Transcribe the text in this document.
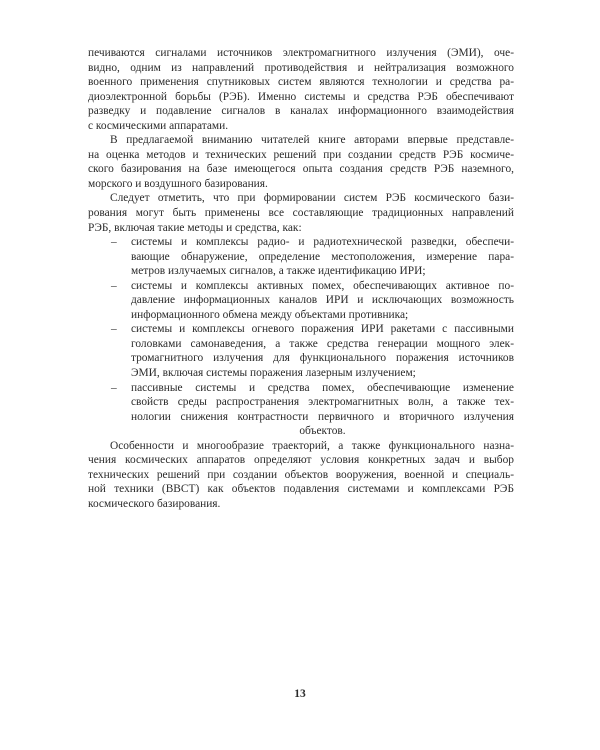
печиваются сигналами источников электромагнитного излучения (ЭМИ), оче-
видно, одним из направлений противодействия и нейтрализация возможного
военного применения спутниковых систем являются технологии и средства ра-
диоэлектронной борьбы (РЭБ). Именно системы и средства РЭБ обеспечивают
разведку и подавление сигналов в каналах информационного взаимодействия
с космическими аппаратами.
В предлагаемой вниманию читателей книге авторами впервые представле-
на оценка методов и технических решений при создании средств РЭБ космиче-
ского базирования на базе имеющегося опыта создания средств РЭБ наземного,
морского и воздушного базирования.
Следует отметить, что при формировании систем РЭБ космического бази-
рования могут быть применены все составляющие традиционных направлений
РЭБ, включая такие методы и средства, как:
–	системы и комплексы радио- и радиотехнической разведки, обеспечи-
вающие обнаружение, определение местоположения, измерение пара-
метров излучаемых сигналов, а также идентификацию ИРИ;
–	системы и комплексы активных помех, обеспечивающих активное по-
давление информационных каналов ИРИ и исключающих возможность
информационного обмена между объектами противника;
–	системы и комплексы огневого поражения ИРИ ракетами с пассивными
головками самонаведения, а также средства генерации мощного элек-
тромагнитного излучения для функционального поражения источников
ЭМИ, включая системы поражения лазерным излучением;
–	пассивные системы и средства помех, обеспечивающие изменение
свойств среды распространения электромагнитных волн, а также тех-
нологии снижения контрастности первичного и вторичного излучения
объектов.
Особенности и многообразие траекторий, а также функционального назна-
чения космических аппаратов определяют условия конкретных задач и выбор
технических решений при создании объектов вооружения, военной и специаль-
ной техники (ВВСТ) как объектов подавления системами и комплексами РЭБ
космического базирования.
13
